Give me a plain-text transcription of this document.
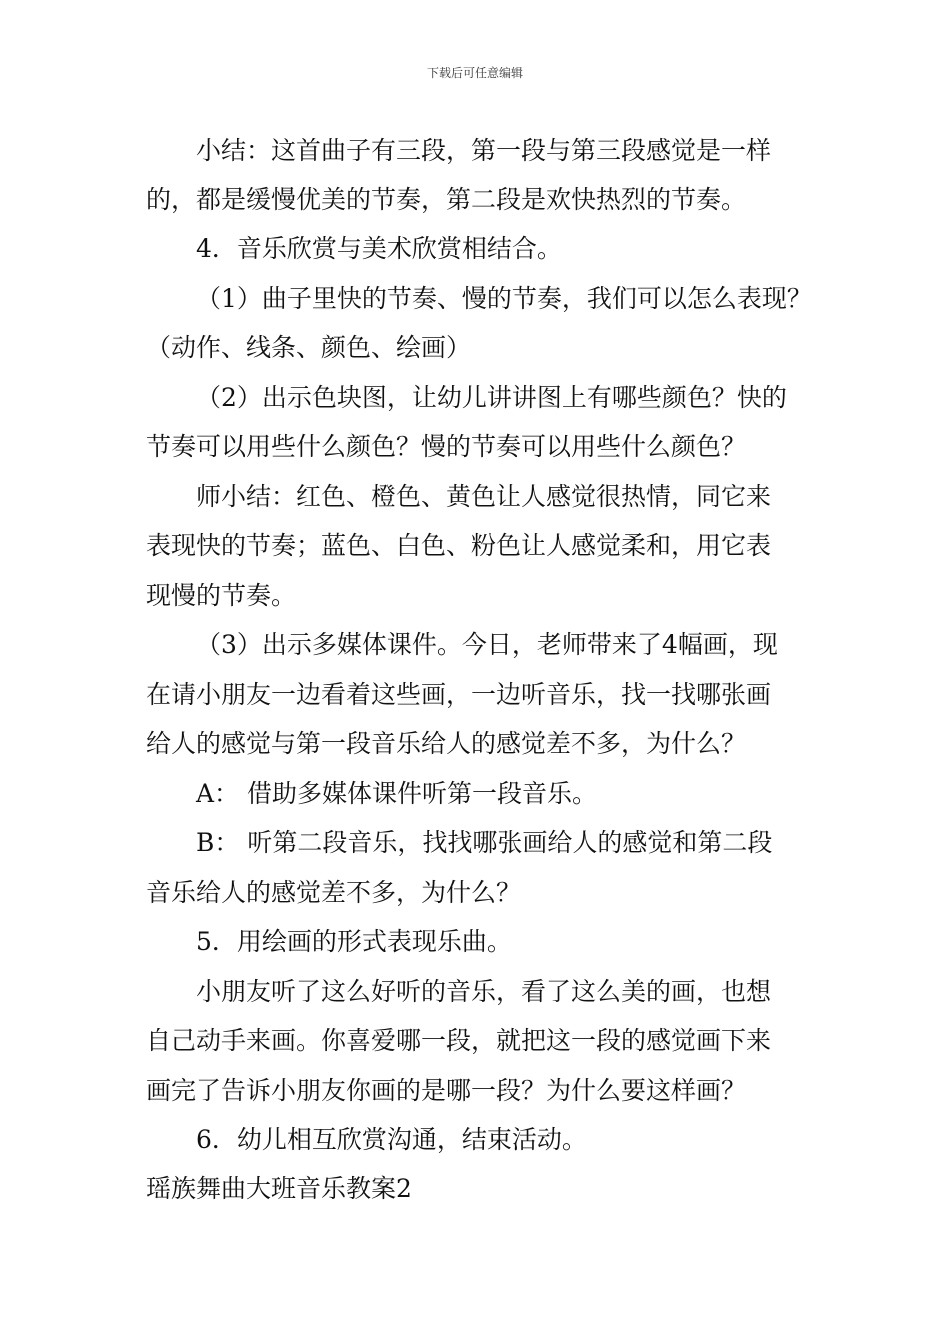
下载后可任意编辑
小结：这首曲子有三段，第一段与第三段感觉是一样
的，都是缓慢优美的节奏，第二段是欢快热烈的节奏。
4．音乐欣赏与美术欣赏相结合。
（1）曲子里快的节奏、慢的节奏，我们可以怎么表现？
（动作、线条、颜色、绘画）
（2）出示色块图，让幼儿讲讲图上有哪些颜色？快的
节奏可以用些什么颜色？慢的节奏可以用些什么颜色？
师小结：红色、橙色、黄色让人感觉很热情，同它来
表现快的节奏；蓝色、白色、粉色让人感觉柔和，用它表
现慢的节奏。
（3）出示多媒体课件。今日，老师带来了4幅画，现
在请小朋友一边看着这些画，一边听音乐，找一找哪张画
给人的感觉与第一段音乐给人的感觉差不多，为什么？
A： 借助多媒体课件听第一段音乐。
B： 听第二段音乐，找找哪张画给人的感觉和第二段
音乐给人的感觉差不多，为什么？
5．用绘画的形式表现乐曲。
小朋友听了这么好听的音乐，看了这么美的画，也想
自己动手来画。你喜爱哪一段，就把这一段的感觉画下来
画完了告诉小朋友你画的是哪一段？为什么要这样画？
6．幼儿相互欣赏沟通，结束活动。
瑶族舞曲大班音乐教案2
